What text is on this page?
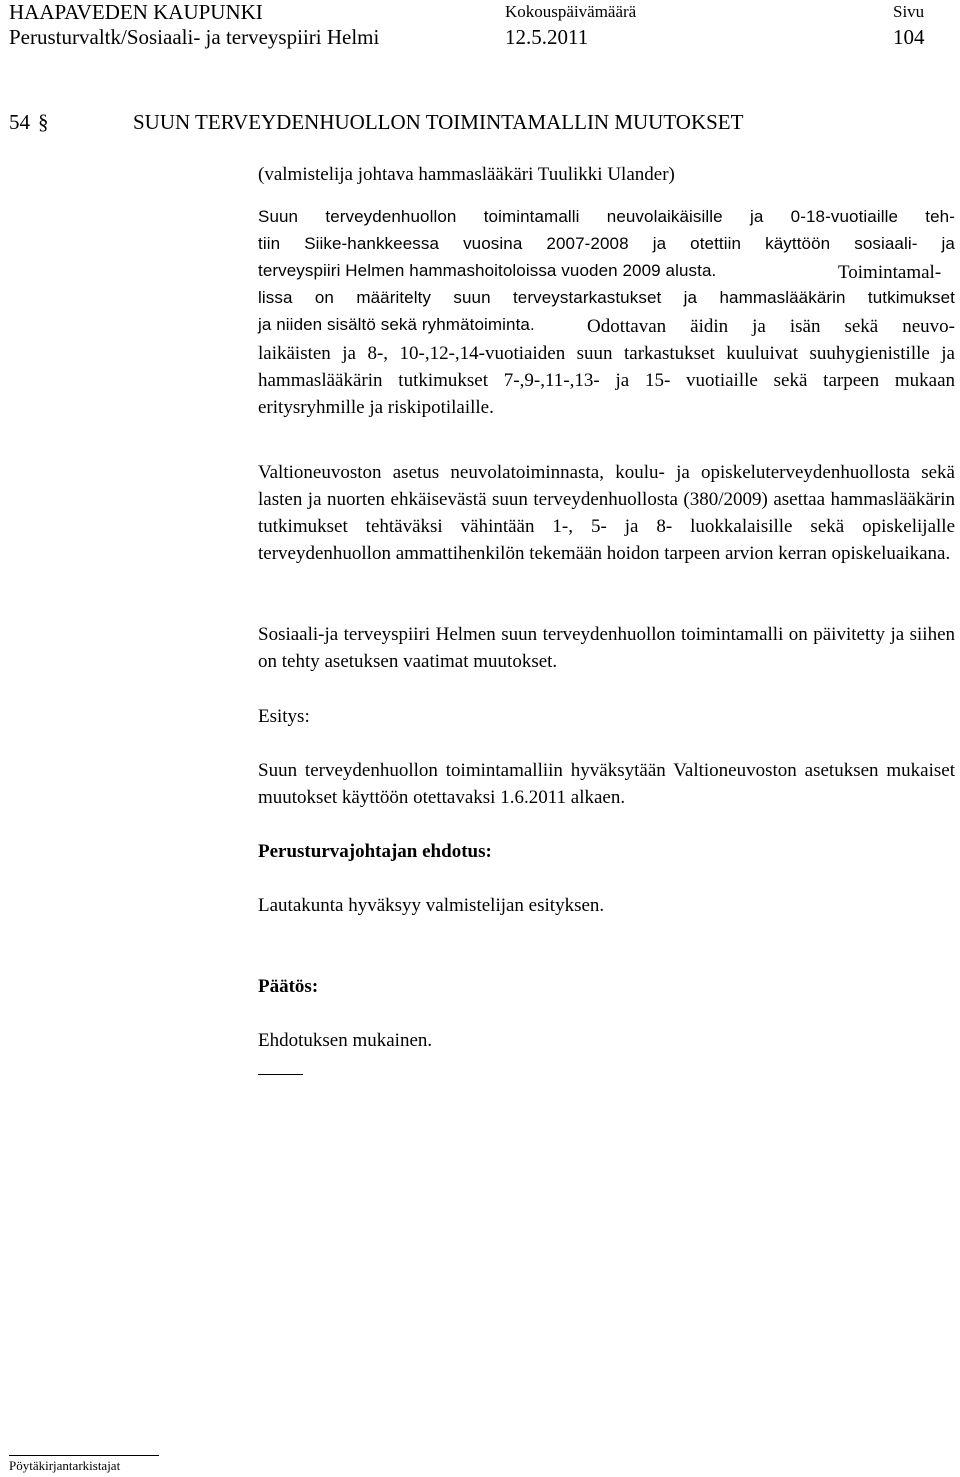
HAAPAVEDEN KAUPUNKI	Kokouspäivämäärä	Sivu
Perusturvaltk/Sosiaali- ja terveyspiiri Helmi	12.5.2011	104
54 §	SUUN TERVEYDENHUOLLON TOIMINTAMALLIN MUUTOKSET
(valmistelija johtava hammaslääkäri Tuulikki Ulander)
Suun terveydenhuollon toimintamalli neuvolaikäisille ja 0-18-vuotiaille teh-
tiin Siike-hankkeessa vuosina 2007-2008 ja otettiin käyttöön sosiaali- ja
terveyspiiri Helmen hammashoitoloissa vuoden 2009 alusta.	Toimintamal-
lissa on määritelty suun terveystarkastukset ja hammaslääkärin tutkimukset
ja niiden sisältö sekä ryhmätoiminta.	Odottavan äidin ja isän sekä neuvo-

laikäisten ja 8-, 10-,12-,14-vuotiaiden suun tarkastukset kuuluivat suuhygienistille ja hammaslääkärin tutkimukset 7-,9-,11-,13- ja 15- vuotiaille sekä tarpeen mukaan eritysryhmille ja riskipotilaille.

Valtioneuvoston asetus neuvolatoiminnasta, koulu- ja opiskeluterveydenhuollosta sekä lasten ja nuorten ehkäisevästä suun terveydenhuollosta (380/2009) asettaa hammaslääkärin tutkimukset tehtäväksi vähintään 1-, 5- ja 8- luokkalaisille sekä opiskelijalle terveydenhuollon ammattihenkilön tekemään hoidon tarpeen arvion kerran opiskeluaikana.

Sosiaali-ja terveyspiiri Helmen suun terveydenhuollon toimintamalli on päivitetty ja siihen on tehty asetuksen vaatimat muutokset.

Esitys:

Suun terveydenhuollon toimintamalliin hyväksytään Valtioneuvoston asetuksen mukaiset muutokset käyttöön otettavaksi 1.6.2011 alkaen.

Perusturvajohtajan ehdotus:
Lautakunta hyväksyy valmistelijan esityksen.
Päätös:
Ehdotuksen mukainen.
Pöytäkirjantarkistajat
